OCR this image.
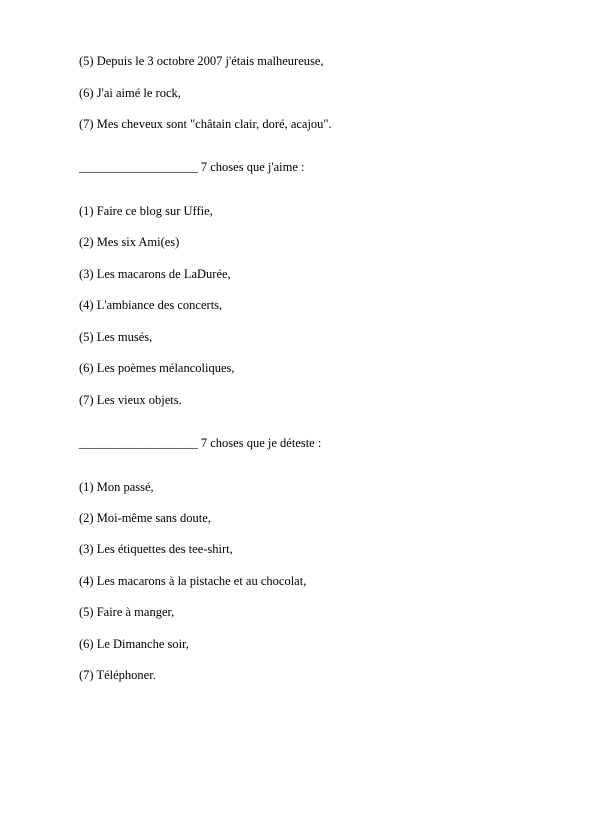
(5) Depuis le 3 octobre 2007 j'étais malheureuse,
(6) J'ai aimé le rock,
(7) Mes cheveux sont "châtain clair, doré, acajou".
___________________ 7 choses que j'aime :
(1) Faire ce blog sur Uffie,
(2) Mes six Ami(es)
(3) Les macarons de LaDurée,
(4) L'ambiance des concerts,
(5) Les musés,
(6) Les poèmes mélancoliques,
(7) Les vieux objets.
___________________ 7 choses que je déteste :
(1) Mon passé,
(2) Moi-même sans doute,
(3) Les étiquettes des tee-shirt,
(4) Les macarons à la pistache et au chocolat,
(5) Faire à manger,
(6) Le Dimanche soir,
(7) Téléphoner.
